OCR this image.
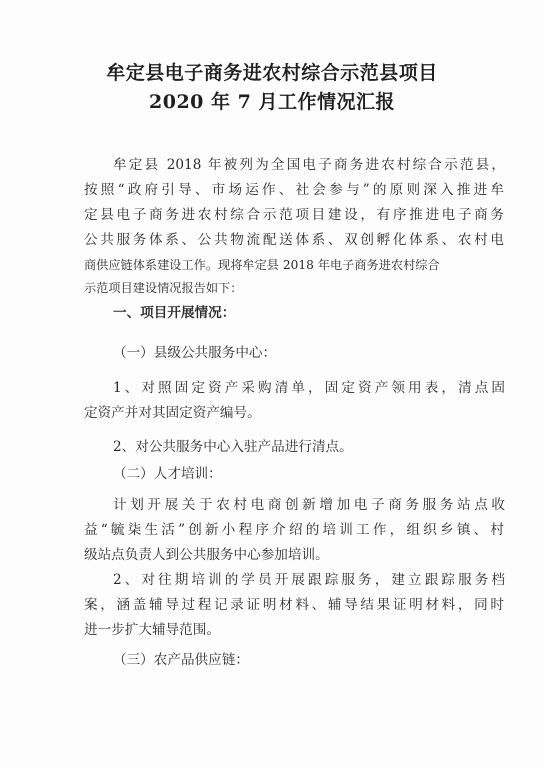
牟定县电子商务进农村综合示范县项目
2020 年 7 月工作情况汇报
牟定县 2018 年被列为全国电子商务进农村综合示范县，
按照“政府引导、市场运作、社会参与”的原则深入推进牟
定县电子商务进农村综合示范项目建设，有序推进电子商务
公共服务体系、公共物流配送体系、双创孵化体系、农村电
商供应链体系建设工作。现将牟定县 2018 年电子商务进农村综合
示范项目建设情况报告如下：
一、项目开展情况：
（一）县级公共服务中心：
1、对照固定资产采购清单，固定资产领用表，清点固
定资产并对其固定资产编号。
2、对公共服务中心入驻产品进行清点。
（二）人才培训：
计划开展关于农村电商创新增加电子商务服务站点收
益“毓柒生活”创新小程序介绍的培训工作，组织乡镇、村
级站点负责人到公共服务中心参加培训。
2、对往期培训的学员开展跟踪服务，建立跟踪服务档
案，涵盖辅导过程记录证明材料、辅导结果证明材料，同时
进一步扩大辅导范围。
（三）农产品供应链：
